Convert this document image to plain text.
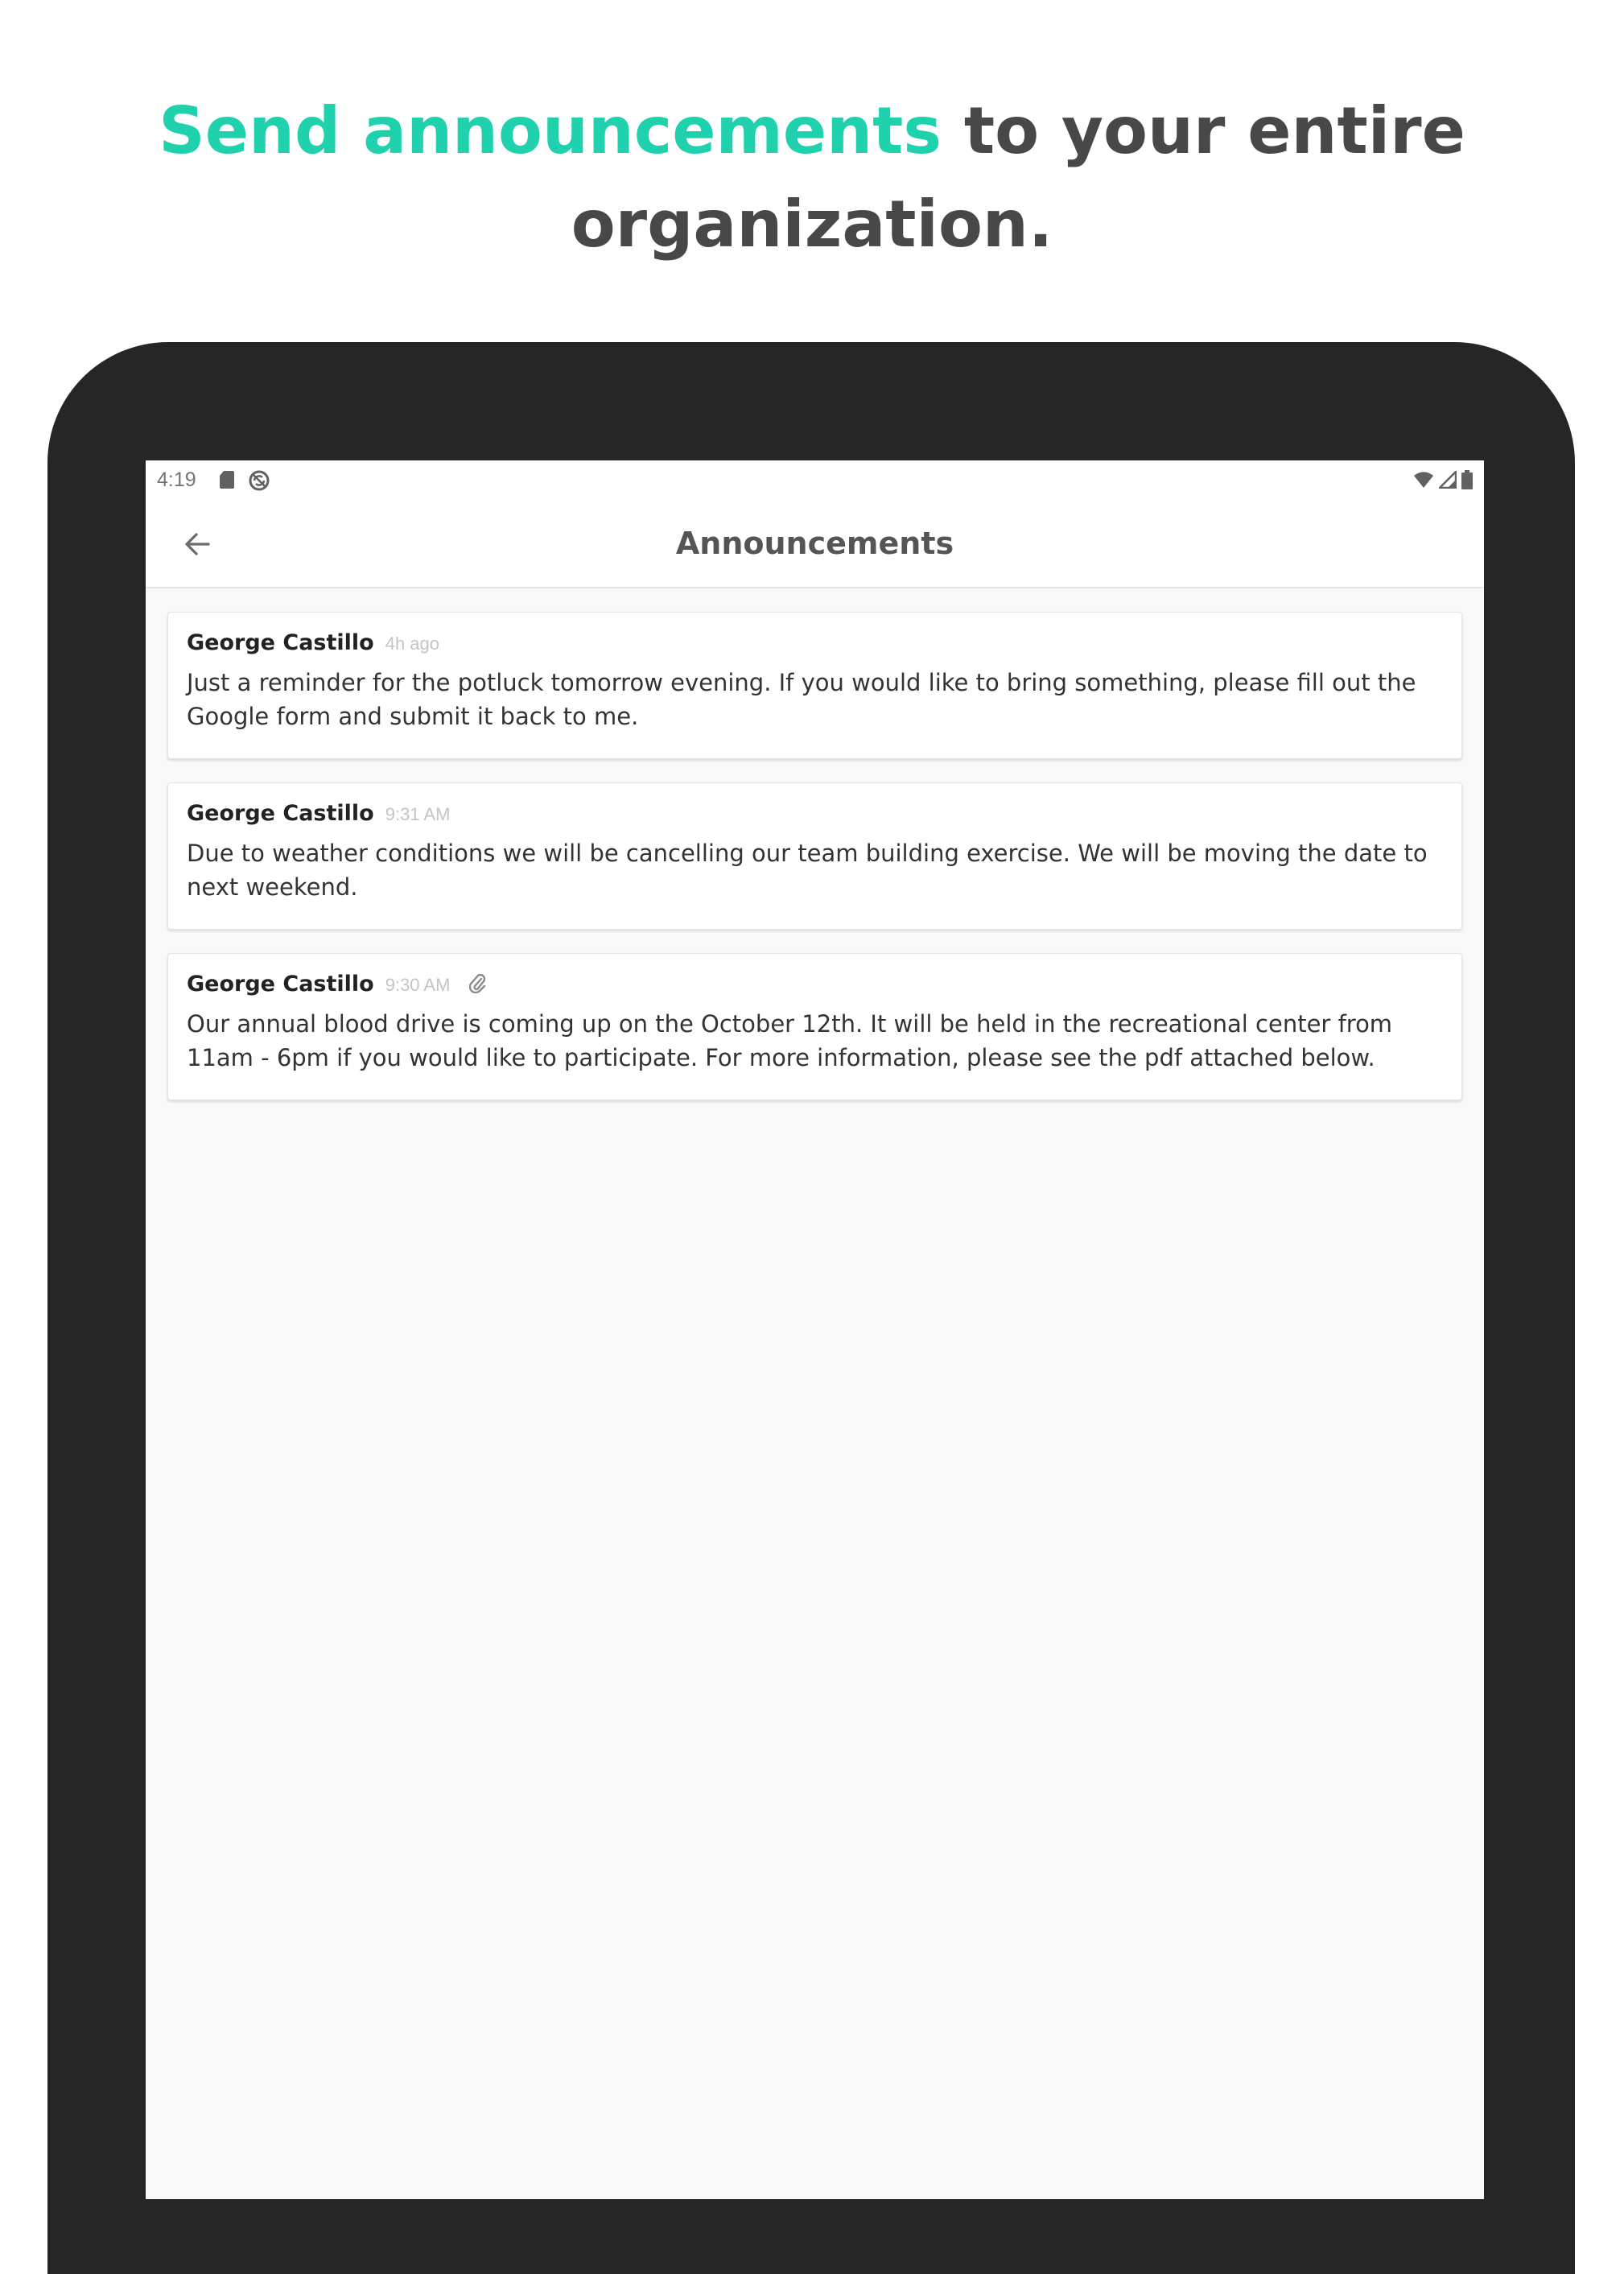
Send announcements to your entire
organization.
4:19
Announcements
George Castillo 4h ago
Just a reminder for the potluck tomorrow evening. If you would like to bring something, please fill out the Google form and submit it back to me.
George Castillo 9:31 AM
Due to weather conditions we will be cancelling our team building exercise. We will be moving the date to next weekend.
George Castillo 9:30 AM
Our annual blood drive is coming up on the October 12th. It will be held in the recreational center from 11am - 6pm if you would like to participate. For more information, please see the pdf attached below.
